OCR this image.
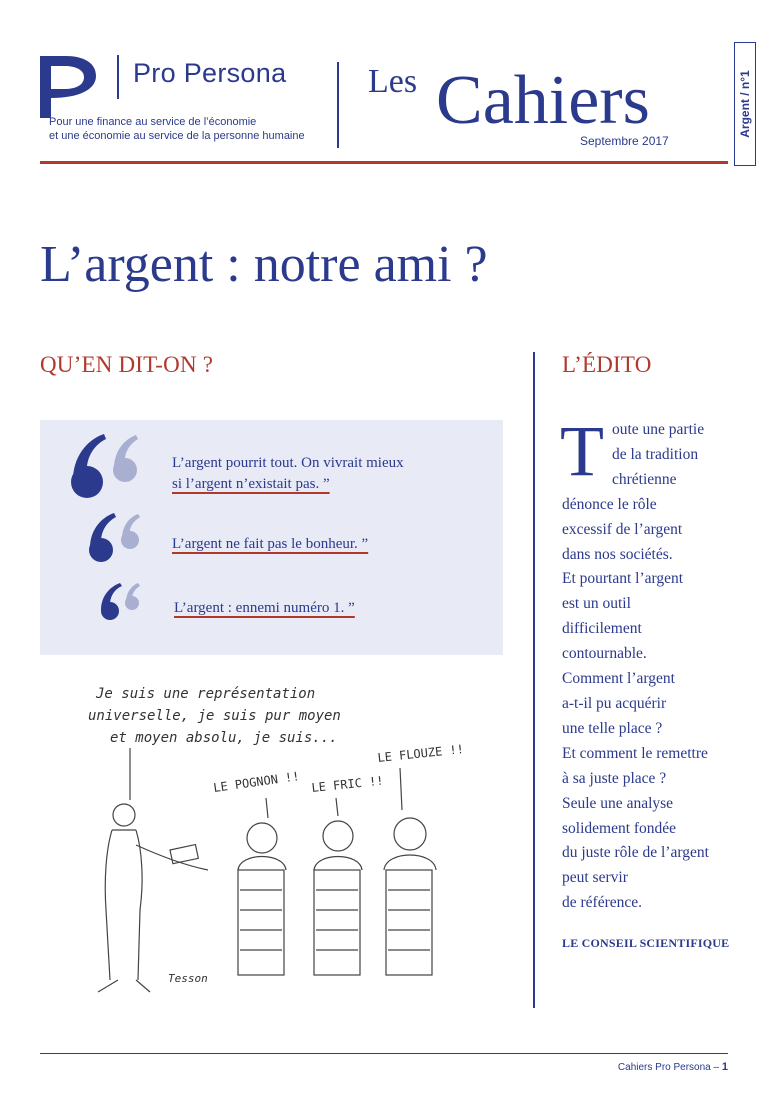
Pro Persona
Pour une finance au service de l’économie
et une économie au service de la personne humaine
Les Cahiers
Septembre 2017
Argent / n°1
L’argent : notre ami ?
QU’EN DIT-ON ?	L’ÉDITO
L’argent pourrit tout. On vivrait mieux
si l’argent n’existait pas. ”
L’argent ne fait pas le bonheur. ”
L’argent : ennemi numéro 1. ”
Je suis une représentation
universelle, je suis pur moyen
et moyen absolu, je suis...
LE POGNON !! LE FRIC !!
LE FLOUZE !!
Tesson
T oute une partie
de la tradition
chrétienne
dénonce le rôle
excessif de l’argent
dans nos sociétés.
Et pourtant l’argent
est un outil
difficilement
contournable.
Comment l’argent
a-t-il pu acquérir
une telle place ?
Et comment le remettre
à sa juste place ?
Seule une analyse
solidement fondée
du juste rôle de l’argent
peut servir
de référence.
LE CONSEIL SCIENTIFIQUE
Cahiers Pro Persona – 1
